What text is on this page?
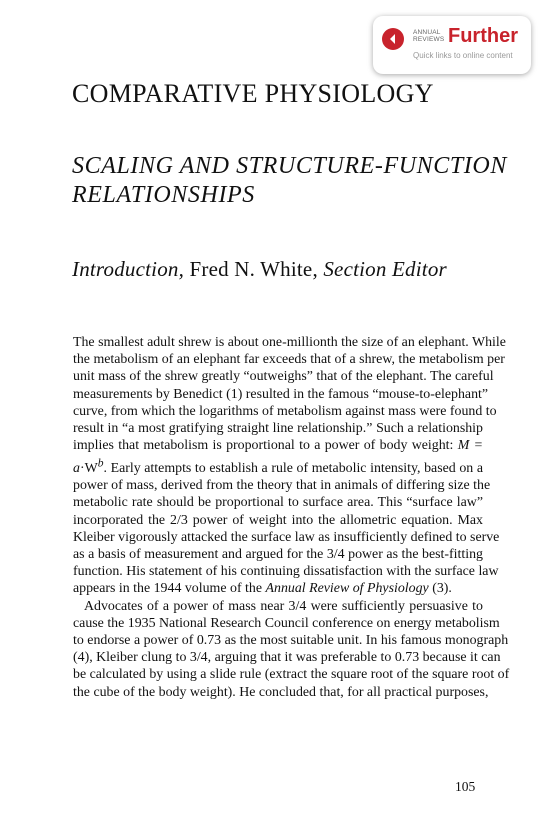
ANNUAL
REVIEWS Further
Quick links to online content
COMPARATIVE PHYSIOLOGY
SCALING AND STRUCTURE-FUNCTION
RELATIONSHIPS
Introduction, Fred N. White, Section Editor
The smallest adult shrew is about one-millionth the size of an elephant. While
the metabolism of an elephant far exceeds that of a shrew, the metabolism per
unit mass of the shrew greatly “outweighs” that of the elephant. The careful
measurements by Benedict (1) resulted in the famous “mouse-to-elephant”
curve, from which the logarithms of metabolism against mass were found to
result in “a most gratifying straight line relationship.” Such a relationship
implies that metabolism is proportional to a power of body weight: M =
$a\cdot W^b$. Early attempts to establish a rule of metabolic intensity, based on a
power of mass, derived from the theory that in animals of differing size the
metabolic rate should be proportional to surface area. This “surface law”
incorporated the 2/3 power of weight into the allometric equation. Max
Kleiber vigorously attacked the surface law as insufficiently defined to serve
as a basis of measurement and argued for the 3/4 power as the best-fitting
function. His statement of his continuing dissatisfaction with the surface law
appears in the 1944 volume of the Annual Review of Physiology (3).
Advocates of a power of mass near 3/4 were sufficiently persuasive to
cause the 1935 National Research Council conference on energy metabolism
to endorse a power of 0.73 as the most suitable unit. In his famous monograph
(4), Kleiber clung to 3/4, arguing that it was preferable to 0.73 because it can
be calculated by using a slide rule (extract the square root of the square root of
the cube of the body weight). He concluded that, for all practical purposes,
105
